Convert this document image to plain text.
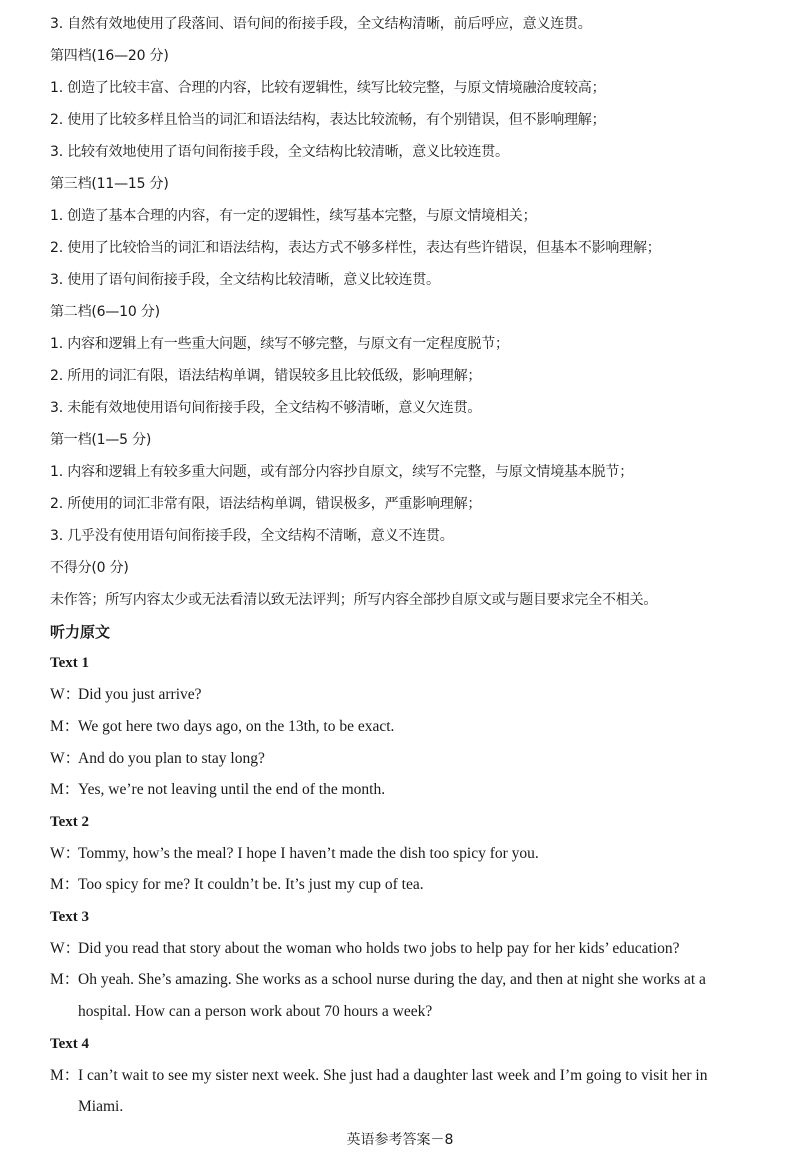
3. 自然有效地使用了段落间、语句间的衔接手段，全文结构清晰，前后呼应，意义连贯。
第四档(16—20 分)
1. 创造了比较丰富、合理的内容，比较有逻辑性，续写比较完整，与原文情境融洽度较高；
2. 使用了比较多样且恰当的词汇和语法结构，表达比较流畅，有个别错误，但不影响理解；
3. 比较有效地使用了语句间衔接手段，全文结构比较清晰，意义比较连贯。
第三档(11—15 分)
1. 创造了基本合理的内容，有一定的逻辑性，续写基本完整，与原文情境相关；
2. 使用了比较恰当的词汇和语法结构，表达方式不够多样性，表达有些许错误，但基本不影响理解；
3. 使用了语句间衔接手段，全文结构比较清晰，意义比较连贯。
第二档(6—10 分)
1. 内容和逻辑上有一些重大问题，续写不够完整，与原文有一定程度脱节；
2. 所用的词汇有限，语法结构单调，错误较多且比较低级，影响理解；
3. 未能有效地使用语句间衔接手段，全文结构不够清晰，意义欠连贯。
第一档(1—5 分)
1. 内容和逻辑上有较多重大问题，或有部分内容抄自原文，续写不完整，与原文情境基本脱节；
2. 所使用的词汇非常有限，语法结构单调，错误极多，严重影响理解；
3. 几乎没有使用语句间衔接手段，全文结构不清晰，意义不连贯。
不得分(0 分)
未作答；所写内容太少或无法看清以致无法评判；所写内容全部抄自原文或与题目要求完全不相关。
听力原文
Text 1
W：Did you just arrive?
M：We got here two days ago, on the 13th, to be exact.
W：And do you plan to stay long?
M：Yes, we’re not leaving until the end of the month.
Text 2
W：Tommy, how’s the meal? I hope I haven’t made the dish too spicy for you.
M：Too spicy for me? It couldn’t be. It’s just my cup of tea.
Text 3
W：Did you read that story about the woman who holds two jobs to help pay for her kids’ education?
M：Oh yeah. She’s amazing. She works as a school nurse during the day, and then at night she works at a
hospital. How can a person work about 70 hours a week?
Text 4
M：I can’t wait to see my sister next week. She just had a daughter last week and I’m going to visit her in
Miami.
英语参考答案－8
